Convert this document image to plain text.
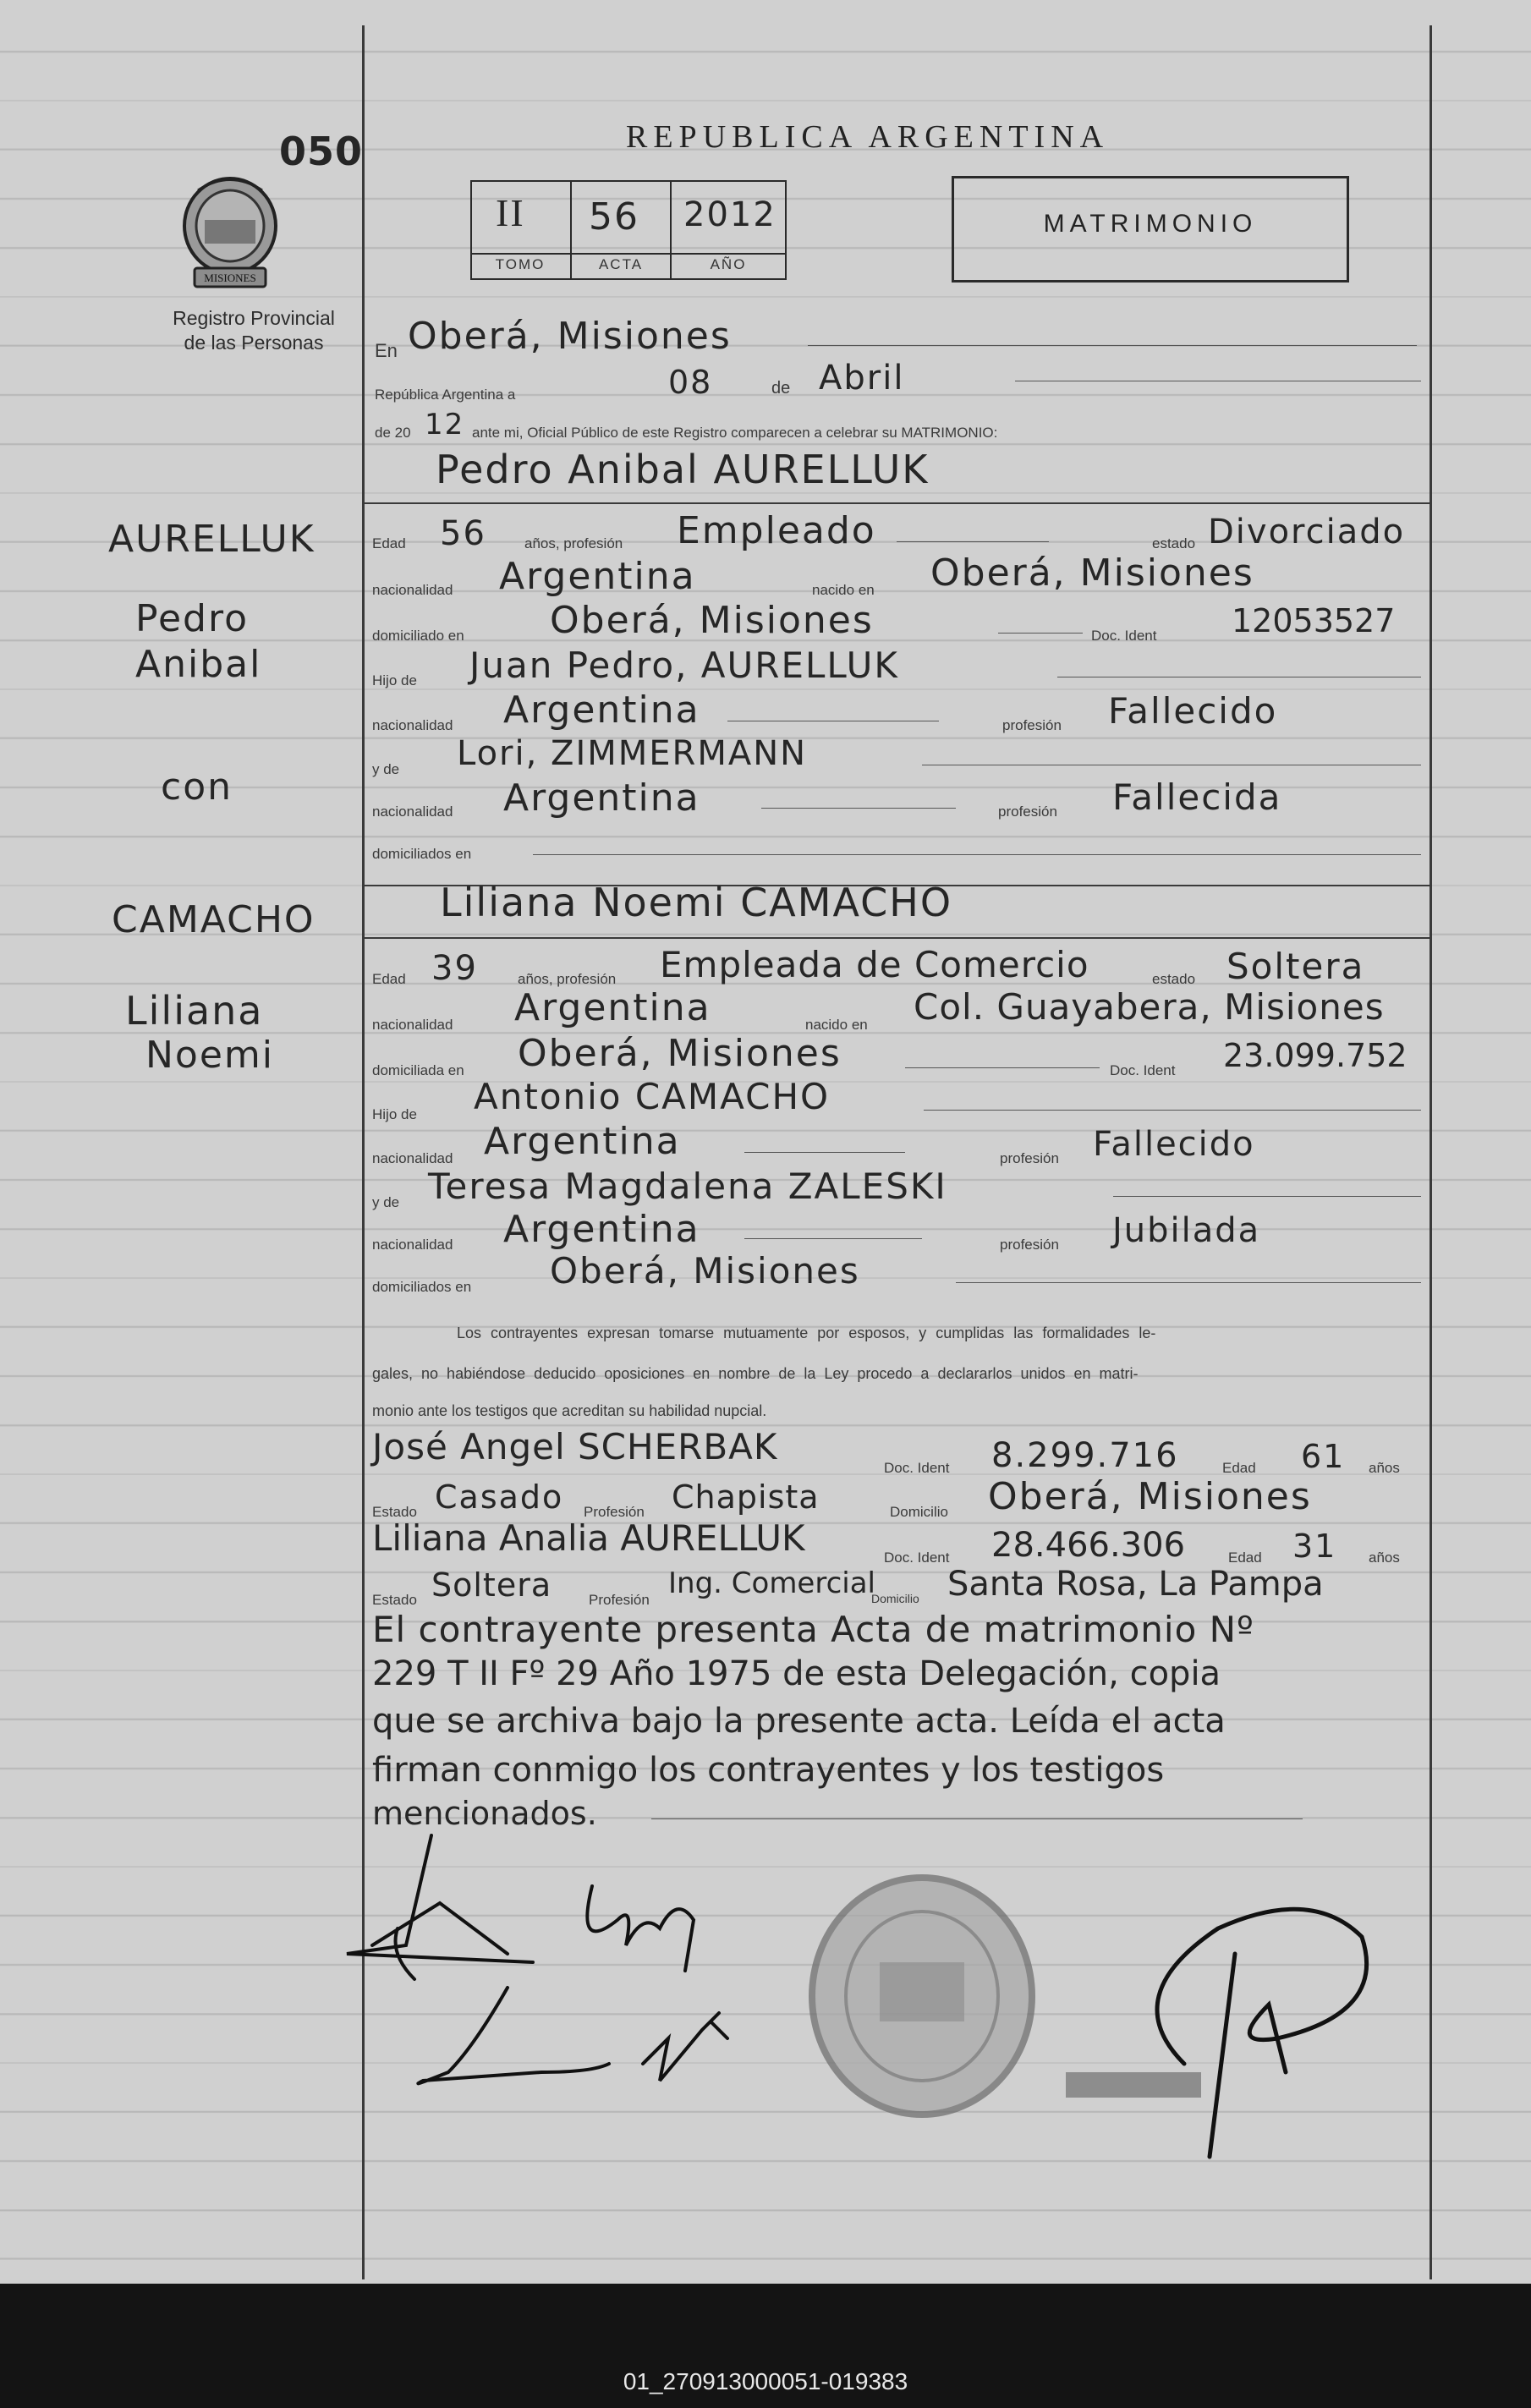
050
MISIONES
Registro Provincial
de las Personas
REPUBLICA ARGENTINA
II 56 2012
TOMO	ACTA	AÑO
MATRIMONIO
En Oberá, Misiones
República Argentina a	08	de Abril
de 20 12 ante mi, Oficial Público de este Registro comparecen a celebrar su MATRIMONIO:
Pedro Anibal AURELLUK
AURELLUK
Pedro
Anibal
con
CAMACHO
Liliana
Noemi
Edad 56	años, profesión Empleado	estado Divorciado
nacionalidad Argentina	nacido en Oberá, Misiones
domiciliado en Oberá, Misiones	Doc. Ident 12053527
Hijo de Juan Pedro, AURELLUK
nacionalidad Argentina	profesión Fallecido
y de Lori, ZIMMERMANN
nacionalidad Argentina	profesión Fallecida
domiciliados en
Liliana Noemi CAMACHO
Edad 39	años, profesión Empleada de Comercio	estado Soltera
nacionalidad Argentina	nacido en Col. Guayabera, Misiones
domiciliada en Oberá, Misiones	Doc. Ident 23.099.752
Hijo de Antonio CAMACHO
nacionalidad Argentina	profesión Fallecido
y de Teresa Magdalena ZALESKI
nacionalidad Argentina	profesión Jubilada
domiciliados en Oberá, Misiones
Los contrayentes expresan tomarse mutuamente por esposos, y cumplidas las formalidades le-
gales, no habiéndose deducido oposiciones en nombre de la Ley procedo a declararlos unidos en matri-
monio ante los testigos que acreditan su habilidad nupcial.
José Angel SCHERBAK
Doc. Ident 8.299.716	Edad 61 años
Estado Casado Profesión Chapista	Domicilio Oberá, Misiones
Liliana Analia AURELLUK	Doc. Ident 28.466.306	Edad 31 años
Estado Soltera	Profesión Ing. Comercial
Domicilio Santa Rosa, La Pampa
El contrayente presenta Acta de matrimonio Nº
229 T II Fº 29 Año 1975 de esta Delegación, copia
que se archiva bajo la presente acta. Leída el acta
firman conmigo los contrayentes y los testigos
mencionados.
01_270913000051-019383
